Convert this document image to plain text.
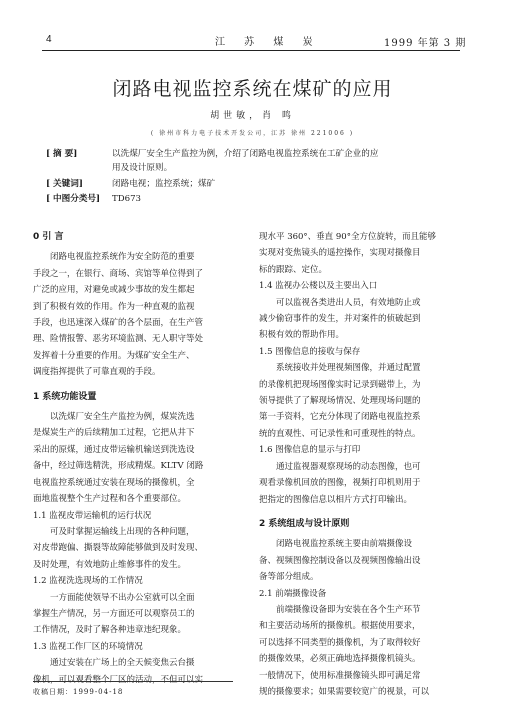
4	江 苏 煤 炭	1999 年第 3 期
闭路电视监控系统在煤矿的应用
胡世敏，肖 鸣
( 徐州市科力电子技术开发公司，江苏 徐州 221006 )
[ 摘 要]	以洗煤厂安全生产监控为例，介绍了闭路电视监控系统在工矿企业的应
用及设计原则。
[ 关键词]	闭路电视；监控系统；煤矿
[ 中图分类号] TD673
0 引 言

闭路电视监控系统作为安全防范的重要
手段之一，在银行、商场、宾馆等单位得到了
广泛的应用，对避免或减少事故的发生都起
到了积极有效的作用。作为一种直观的监视
手段，也迅速深入煤矿的各个层面，在生产管
理、险情报警、恶劣环境监测、无人职守等处
发挥着十分重要的作用。为煤矿安全生产、
调度指挥提供了可靠直观的手段。

1 系统功能设置

以洗煤厂安全生产监控为例，煤炭洗选
是煤炭生产的后续精加工过程，它把从井下
采出的原煤，通过皮带运输机输送到洗选设
备中，经过筛选精洗，形成精煤。KLTV 闭路
电视监控系统通过安装在现场的摄像机，全
面地监视整个生产过程和各个重要部位。

1.1 监视皮带运输机的运行状况

可及时掌握运输线上出现的各种问题，
对皮带跑偏、撕裂等故障能够做到及时发现、
及时处理，有效地防止维修事件的发生。

1.2 监视洗选现场的工作情况

一方面能使领导不出办公室就可以全面
掌握生产情况，另一方面还可以观察员工的
工作情况，及时了解各种违章违纪现象。

1.3 监视工作厂区的环境情况

通过安装在广场上的全天候变焦云台摄
像机，可以观看整个厂区的活动，不但可以实

现水平 360°、垂直 90°全方位旋转，而且能够
实现对变焦镜头的遥控操作，实现对摄像目
标的跟踪、定位。

1.4 监视办公楼以及主要出入口

可以监视各类进出人员，有效地防止或
减少偷窃事件的发生，并对案件的侦破起到
积极有效的帮助作用。

1.5 图像信息的接收与保存

系统接收并处理视频图像，并通过配置
的录像机把现场图像实时记录到磁带上，为
领导提供了了解现场情况、处理现场问题的
第一手资料，它充分体现了闭路电视监控系
统的直观性、可记录性和可重现性的特点。

1.6 图像信息的显示与打印

通过监视器观察现场的动态图像，也可
观看录像机回放的图像，视频打印机则用于
把指定的图像信息以相片方式打印输出。

2 系统组成与设计原则

闭路电视监控系统主要由前端摄像设
备、视频图像控制设备以及视频图像输出设
备等部分组成。

2.1 前端摄像设备

前端摄像设备即为安装在各个生产环节
和主要活动场所的摄像机。根据使用要求，
可以选择不同类型的摄像机，为了取得较好
的摄像效果，必须正确地选择摄像机镜头。
一般情况下，使用标准摄像镜头即可满足常
规的摄像要求；如果需要较宽广的视景，可以

收稿日期：1999-04-18
